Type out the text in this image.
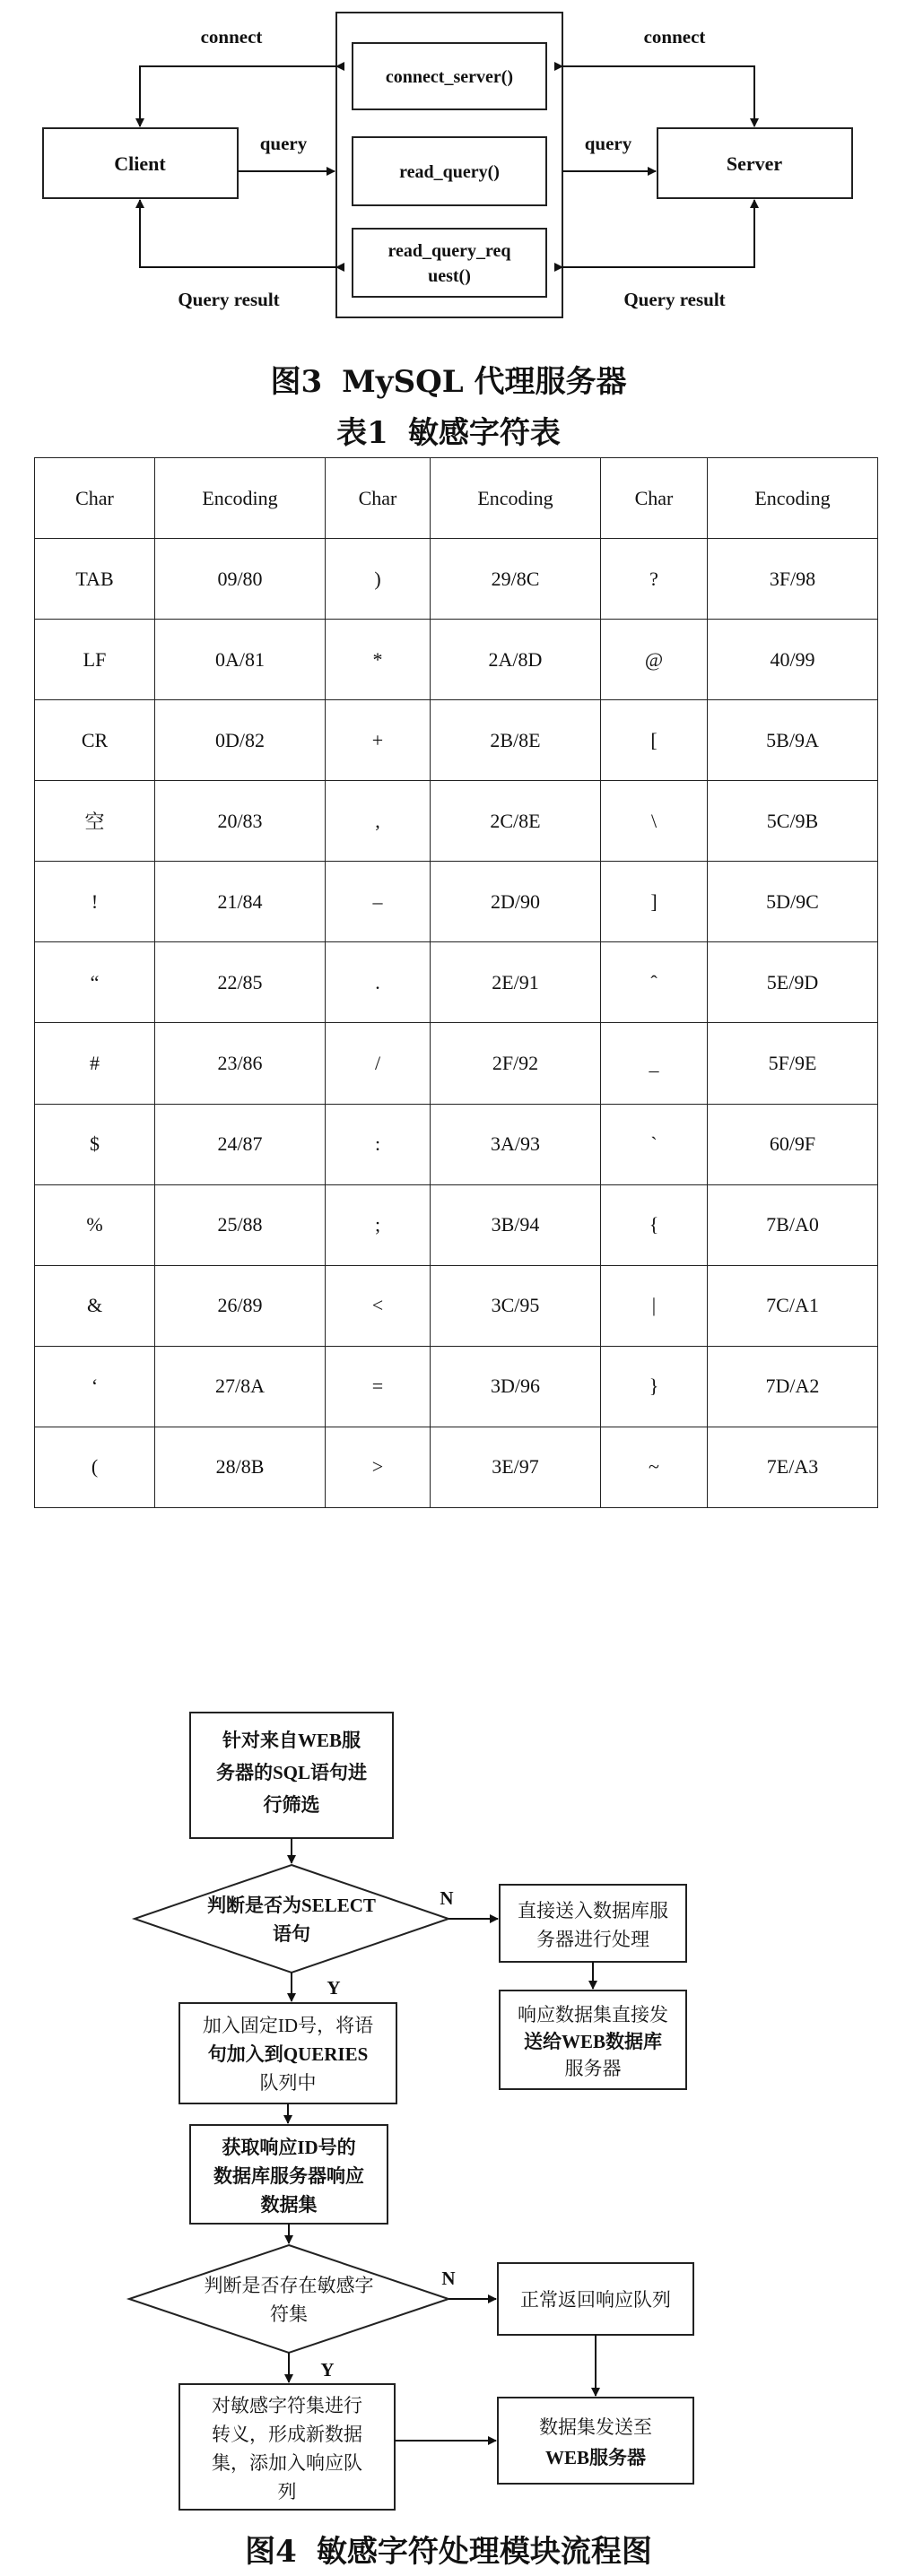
Client	Server
connect_server()
read_query()
read_query_req
uest()
connect	connect
query	query
Query result	Query result
图3 MySQL 代理服务器
表1 敏感字符表
Char	Encoding	Char	Encoding	Char	Encoding
TAB	09/80	)	29/8C	?	3F/98
LF	0A/81	*	2A/8D	@	40/99
CR	0D/82	+	2B/8E	[	5B/9A
空	20/83	,	2C/8E	\	5C/9B
!	21/84	–	2D/90	]	5D/9C
“	22/85	.	2E/91	ˆ	5E/9D
#	23/86	/	2F/92	_	5F/9E
$	24/87	:	3A/93	`	60/9F
%	25/88	;	3B/94	{	7B/A0
&	26/89	<	3C/95	|	7C/A1
‘	27/8A	=	3D/96	}	7D/A2
(	28/8B	>	3E/97	~	7E/A3
针对来自WEB服
务器的SQL语句进
行筛选
判断是否为SELECT
语句
N
Y
直接送入数据库服
务器进行处理
响应数据集直接发
送给WEB数据库
服务器
加入固定ID号，将语
句加入到QUERIES
队列中
获取响应ID号的
数据库服务器响应
数据集
判断是否存在敏感字
符集
N
Y
正常返回响应队列
对敏感字符集进行
转义，形成新数据
集，添加入响应队
列
数据集发送至
WEB服务器
图4 敏感字符处理模块流程图
